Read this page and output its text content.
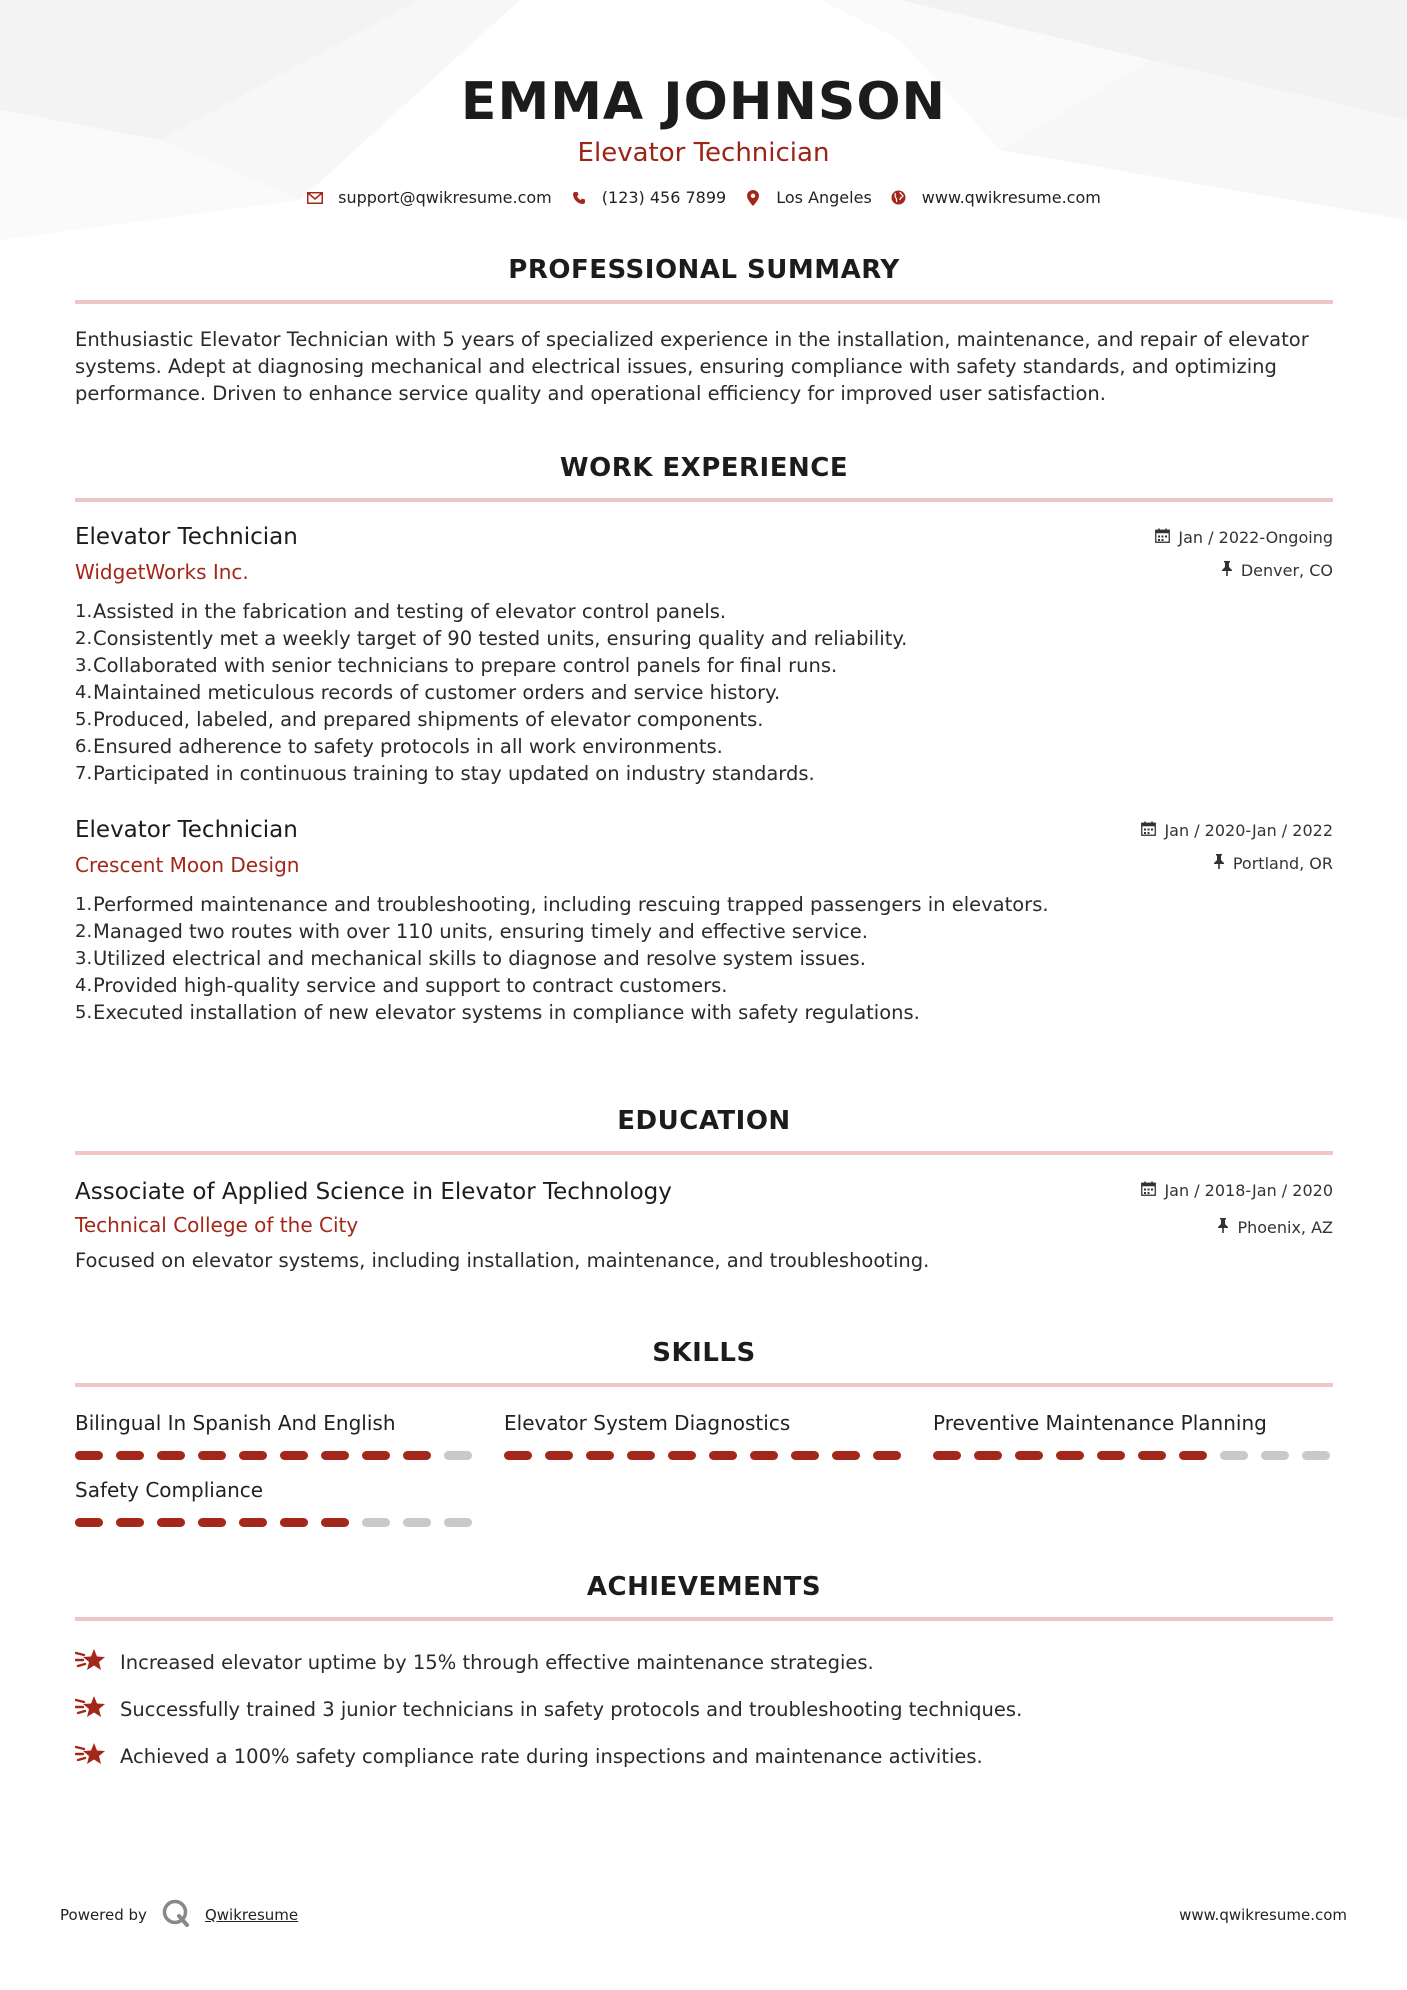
EMMA JOHNSON
Elevator Technician
support@qwikresume.com	(123) 456 7899	Los Angeles	www.qwikresume.com
PROFESSIONAL SUMMARY
Enthusiastic Elevator Technician with 5 years of specialized experience in the installation, maintenance, and repair of elevator systems. Adept at diagnosing mechanical and electrical issues, ensuring compliance with safety standards, and optimizing performance. Driven to enhance service quality and operational efficiency for improved user satisfaction.
WORK EXPERIENCE
Elevator Technician
WidgetWorks Inc.
Jan / 2022-Ongoing
Denver, CO
1. Assisted in the fabrication and testing of elevator control panels.
2. Consistently met a weekly target of 90 tested units, ensuring quality and reliability.
3. Collaborated with senior technicians to prepare control panels for final runs.
4. Maintained meticulous records of customer orders and service history.
5. Produced, labeled, and prepared shipments of elevator components.
6. Ensured adherence to safety protocols in all work environments.
7. Participated in continuous training to stay updated on industry standards.
Elevator Technician
Crescent Moon Design
Jan / 2020-Jan / 2022
Portland, OR
1. Performed maintenance and troubleshooting, including rescuing trapped passengers in elevators.
2. Managed two routes with over 110 units, ensuring timely and effective service.
3. Utilized electrical and mechanical skills to diagnose and resolve system issues.
4. Provided high-quality service and support to contract customers.
5. Executed installation of new elevator systems in compliance with safety regulations.
EDUCATION
Associate of Applied Science in Elevator Technology
Technical College of the City
Jan / 2018-Jan / 2020
Phoenix, AZ
Focused on elevator systems, including installation, maintenance, and troubleshooting.
SKILLS
Bilingual In Spanish And English	Elevator System Diagnostics	Preventive Maintenance Planning
Safety Compliance
ACHIEVEMENTS
Increased elevator uptime by 15% through effective maintenance strategies.
Successfully trained 3 junior technicians in safety protocols and troubleshooting techniques.
Achieved a 100% safety compliance rate during inspections and maintenance activities.
Powered by	Qwikresume	www.qwikresume.com
